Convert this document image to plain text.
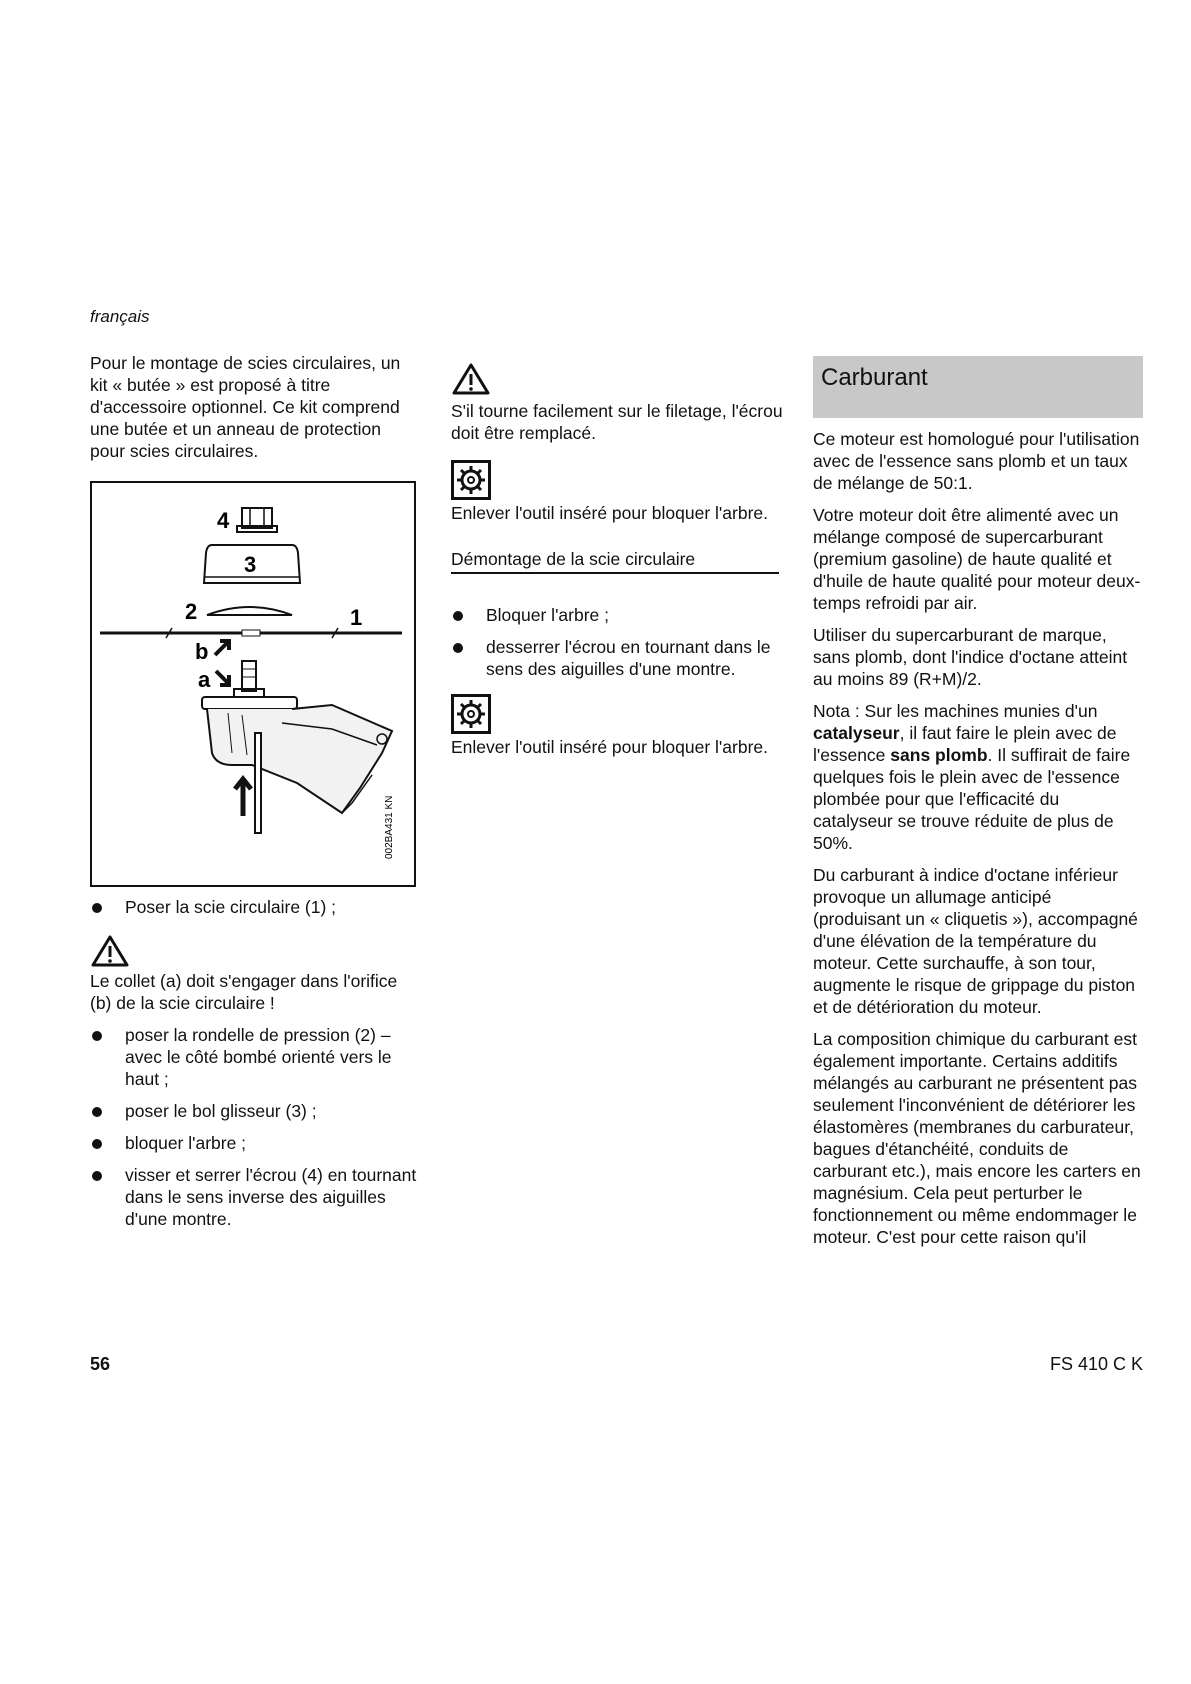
français

Pour le montage de scies circulaires, un kit « butée » est proposé à titre d'accessoire optionnel. Ce kit comprend une butée et un anneau de protection pour scies circulaires.

4
3
2	1
b
a
002BA431 KN

Poser la scie circulaire (1) ;

Le collet (a) doit s'engager dans l'orifice (b) de la scie circulaire !

poser la rondelle de pression (2) – avec le côté bombé orienté vers le haut ;

poser le bol glisseur (3) ;

bloquer l'arbre ;

visser et serrer l'écrou (4) en tournant dans le sens inverse des aiguilles d'une montre.

S'il tourne facilement sur le filetage, l'écrou doit être remplacé.

Enlever l'outil inséré pour bloquer l'arbre.

Démontage de la scie circulaire

Bloquer l'arbre ;

desserrer l'écrou en tournant dans le sens des aiguilles d'une montre.

Enlever l'outil inséré pour bloquer l'arbre.

Carburant

Ce moteur est homologué pour l'utilisation avec de l'essence sans plomb et un taux de mélange de 50:1.

Votre moteur doit être alimenté avec un mélange composé de supercarburant (premium gasoline) de haute qualité et d'huile de haute qualité pour moteur deux-temps refroidi par air.

Utiliser du supercarburant de marque, sans plomb, dont l'indice d'octane atteint au moins 89 (R+M)/2.

Nota : Sur les machines munies d'un catalyseur, il faut faire le plein avec de l'essence sans plomb. Il suffirait de faire quelques fois le plein avec de l'essence plombée pour que l'efficacité du catalyseur se trouve réduite de plus de 50%.

Du carburant à indice d'octane inférieur provoque un allumage anticipé (produisant un « cliquetis »), accompagné d'une élévation de la température du moteur. Cette surchauffe, à son tour, augmente le risque de grippage du piston et de détérioration du moteur.

La composition chimique du carburant est également importante. Certains additifs mélangés au carburant ne présentent pas seulement l'inconvénient de détériorer les élastomères (membranes du carburateur, bagues d'étanchéité, conduits de carburant etc.), mais encore les carters en magnésium. Cela peut perturber le fonctionnement ou même endommager le moteur. C'est pour cette raison qu'il

56	FS 410 C K
